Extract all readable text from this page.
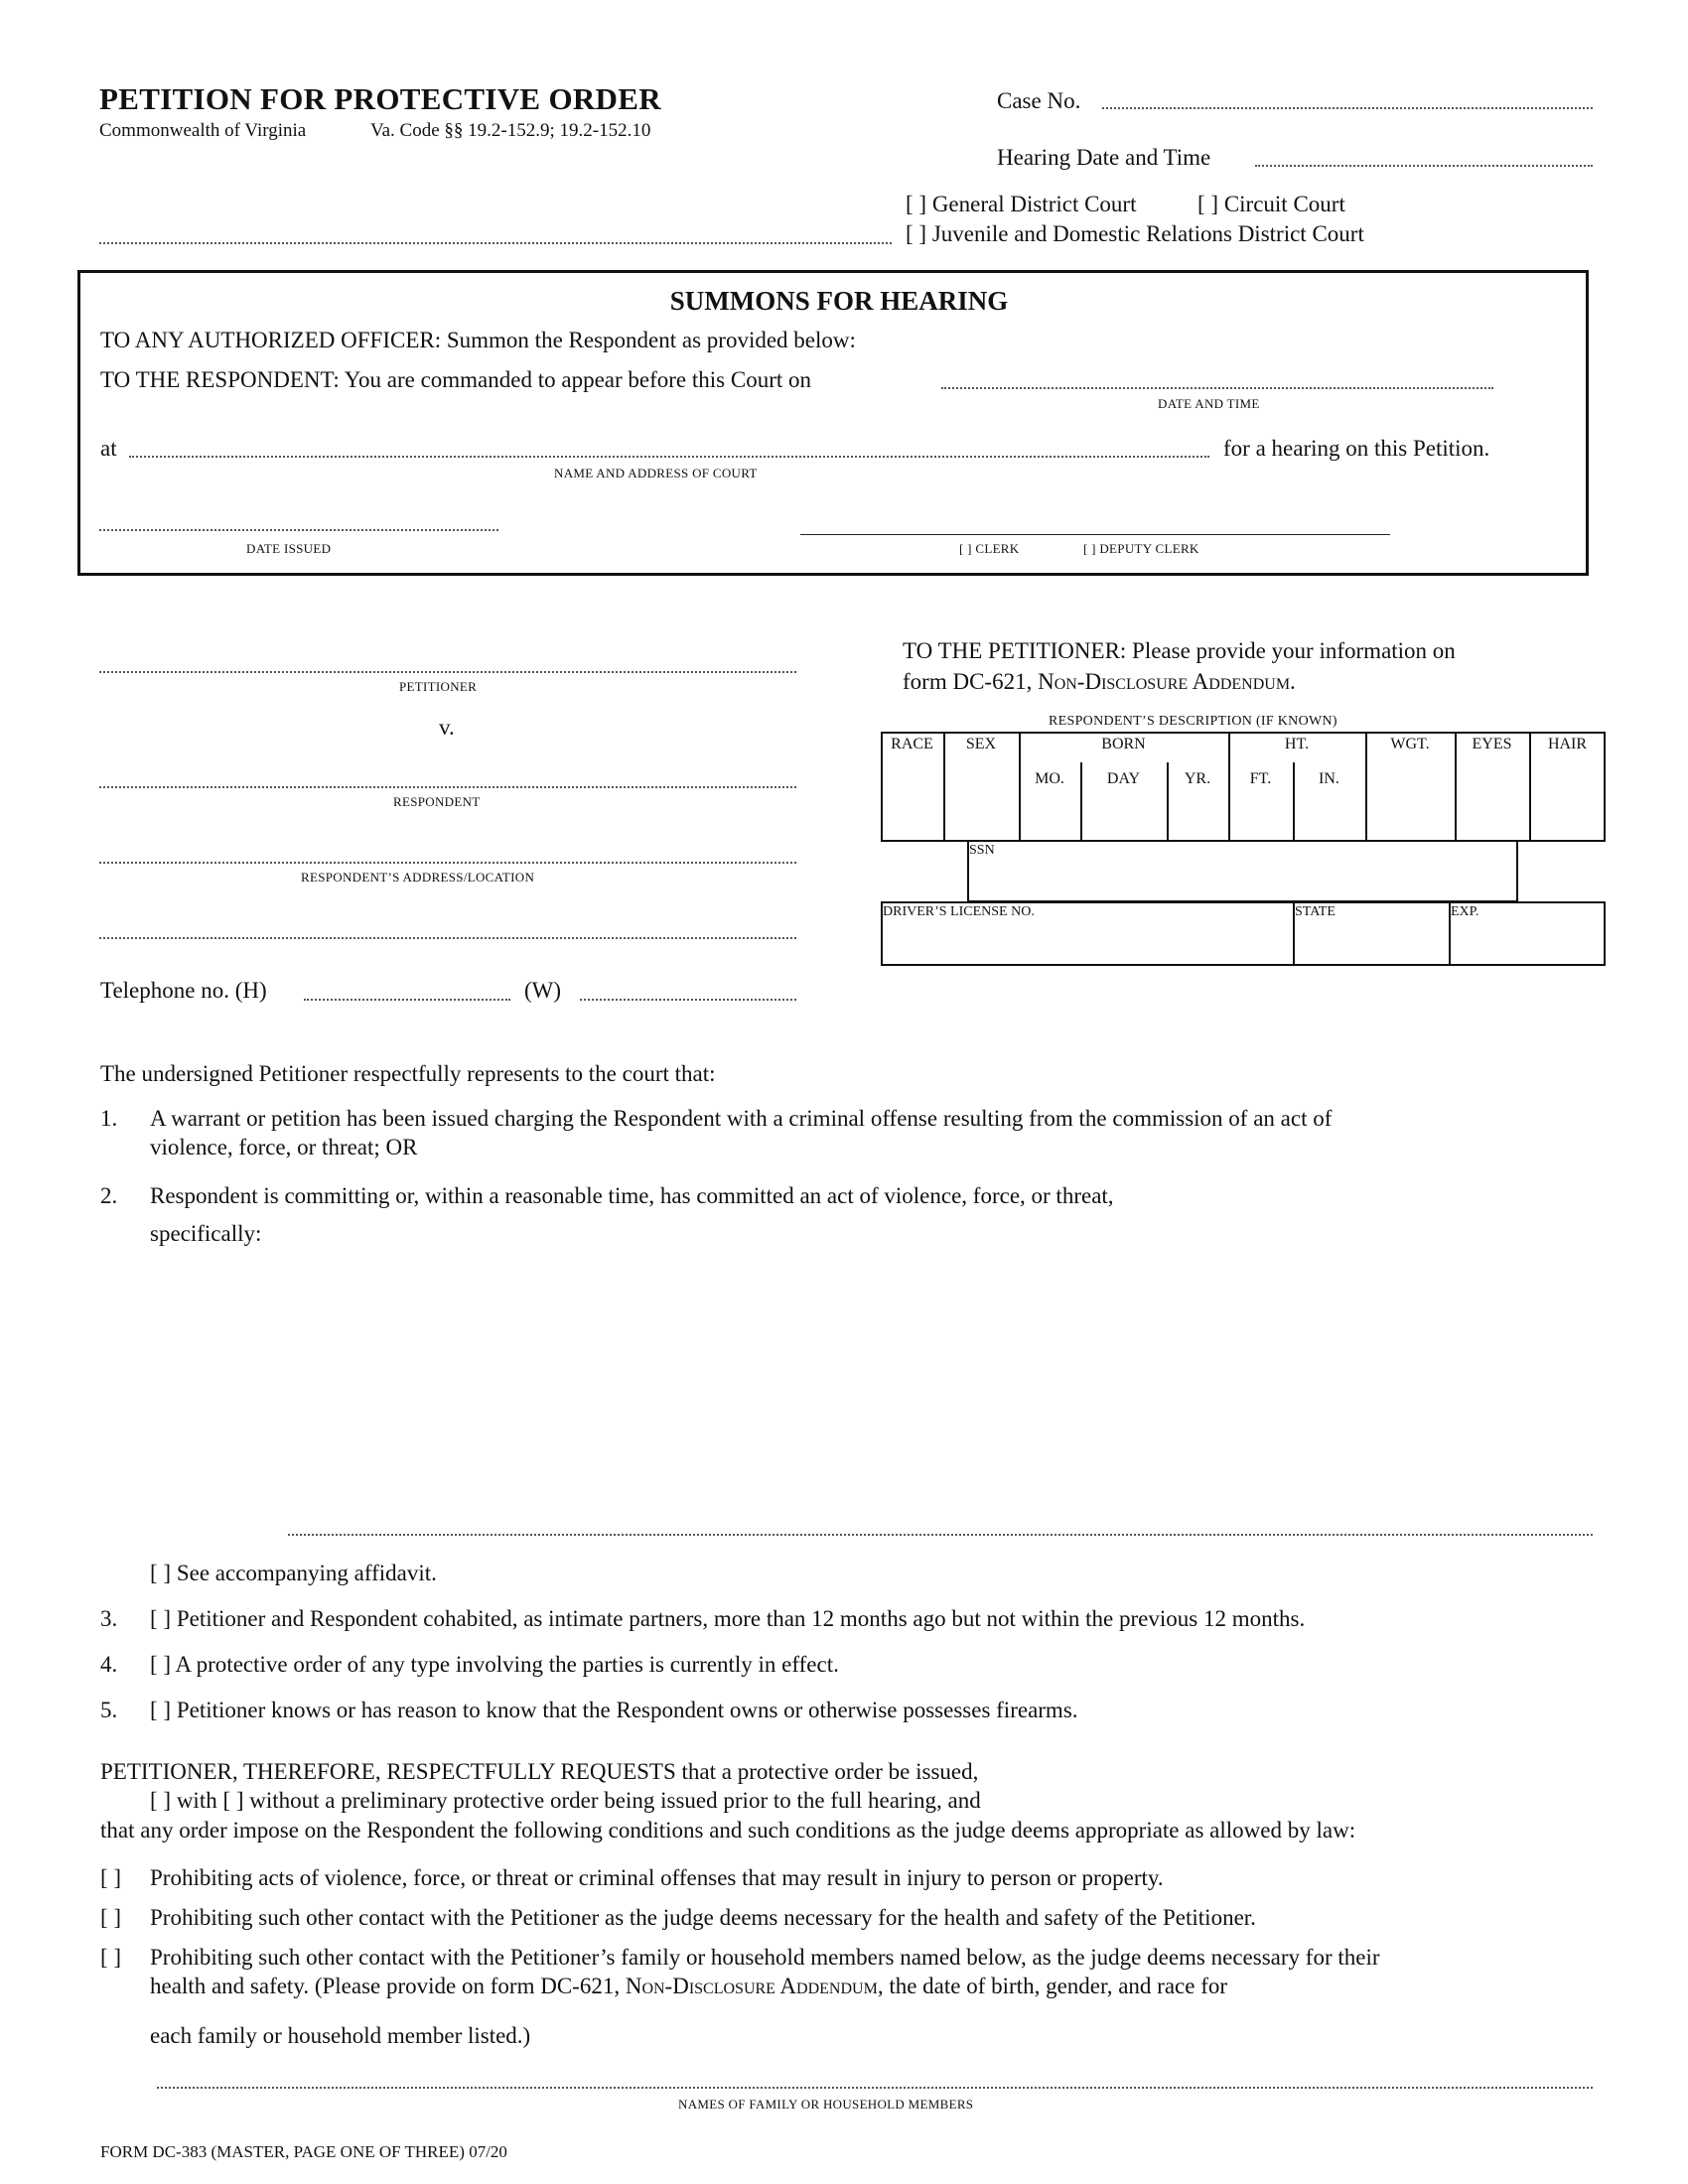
PETITION FOR PROTECTIVE ORDER
Commonwealth of Virginia	Va. Code §§ 19.2-152.9; 19.2-152.10
Case No.
Hearing Date and Time
[ ] General District Court	[ ] Circuit Court
[ ] Juvenile and Domestic Relations District Court
SUMMONS FOR HEARING
TO ANY AUTHORIZED OFFICER: Summon the Respondent as provided below:
TO THE RESPONDENT: You are commanded to appear before this Court on
DATE AND TIME
at	for a hearing on this Petition.
NAME AND ADDRESS OF COURT
DATE ISSUED	[ ] CLERK	[ ] DEPUTY CLERK
PETITIONER
v.
RESPONDENT
RESPONDENT’S ADDRESS/LOCATION
Telephone no. (H)	(W)
TO THE PETITIONER: Please provide your information on
form DC-621, Non-Disclosure Addendum.
RESPONDENT’S DESCRIPTION (IF KNOWN)
RACE	SEX	BORN	HT.	WGT.	EYES	HAIR
MO.	DAY	YR.	FT.	IN.
SSN
DRIVER’S LICENSE NO.	STATE	EXP.
The undersigned Petitioner respectfully represents to the court that:
1. A warrant or petition has been issued charging the Respondent with a criminal offense resulting from the commission of an act of
violence, force, or threat; OR
2. Respondent is committing or, within a reasonable time, has committed an act of violence, force, or threat,
specifically:
[ ] See accompanying affidavit.
3. [ ] Petitioner and Respondent cohabited, as intimate partners, more than 12 months ago but not within the previous 12 months.
4. [ ] A protective order of any type involving the parties is currently in effect.
5. [ ] Petitioner knows or has reason to know that the Respondent owns or otherwise possesses firearms.
PETITIONER, THEREFORE, RESPECTFULLY REQUESTS that a protective order be issued,
[ ] with [ ] without a preliminary protective order being issued prior to the full hearing, and
that any order impose on the Respondent the following conditions and such conditions as the judge deems appropriate as allowed by law:
[ ] Prohibiting acts of violence, force, or threat or criminal offenses that may result in injury to person or property.
[ ] Prohibiting such other contact with the Petitioner as the judge deems necessary for the health and safety of the Petitioner.
[ ] Prohibiting such other contact with the Petitioner’s family or household members named below, as the judge deems necessary for their
health and safety. (Please provide on form DC-621, Non-Disclosure Addendum, the date of birth, gender, and race for
each family or household member listed.)
NAMES OF FAMILY OR HOUSEHOLD MEMBERS
FORM DC-383 (MASTER, PAGE ONE OF THREE) 07/20
